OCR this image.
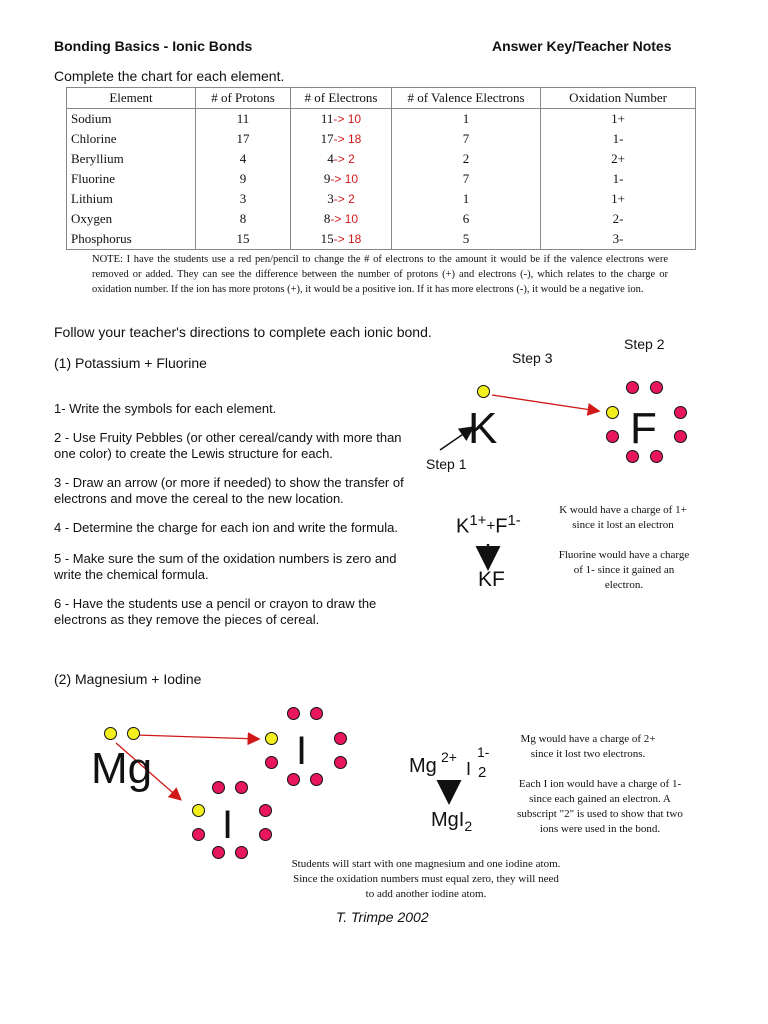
Bonding Basics - Ionic Bonds	Answer Key/Teacher Notes
Complete the chart for each element.
Element	# of Protons	# of Electrons	# of Valence Electrons	Oxidation Number
Sodium	11	11-> 10	1	1+
Chlorine	17	17-> 18	7	1-
Beryllium	4	4-> 2	2	2+
Fluorine	9	9-> 10	7	1-
Lithium	3	3-> 2	1	1+
Oxygen	8	8-> 10	6	2-
Phosphorus	15	15-> 18	5	3-
NOTE: I have the students use a red pen/pencil to change the # of electrons to the amount it would be if the valence electrons were removed or added. They can see the difference between the number of protons (+) and electrons (-), which relates to the charge or oxidation number. If the ion has more protons (+), it would be a positive ion. If it has more electrons (-), it would be a negative ion.
Follow your teacher's directions to complete each ionic bond.
(1) Potassium + Fluorine
1- Write the symbols for each element.
2 - Use Fruity Pebbles (or other cereal/candy with more than one color) to create the Lewis structure for each.
3 - Draw an arrow (or more if needed) to show the transfer of electrons and move the cereal to the new location.
4 - Determine the charge for each ion and write the formula.
5 - Make sure the sum of the oxidation numbers is zero and write the chemical formula.
6 - Have the students use a pencil or crayon to draw the electrons as they remove the pieces of cereal.
Step 3
Step 2
Step 1
K	F
$K^{1+}+F^{1-}$
KF
K would have a charge of 1+ since it lost an electron
Fluorine would have a charge of 1- since it gained an electron.
(2) Magnesium + Iodine
Mg	I
I
Mg 2+
I
1-
2
MgI$_2$
Mg would have a charge of 2+ since it lost two electrons.
Each I ion would have a charge of 1- since each gained an electron. A subscript "2" is used to show that two ions were used in the bond.
Students will start with one magnesium and one iodine atom. Since the oxidation numbers must equal zero, they will need to add another iodine atom.
T. Trimpe 2002
